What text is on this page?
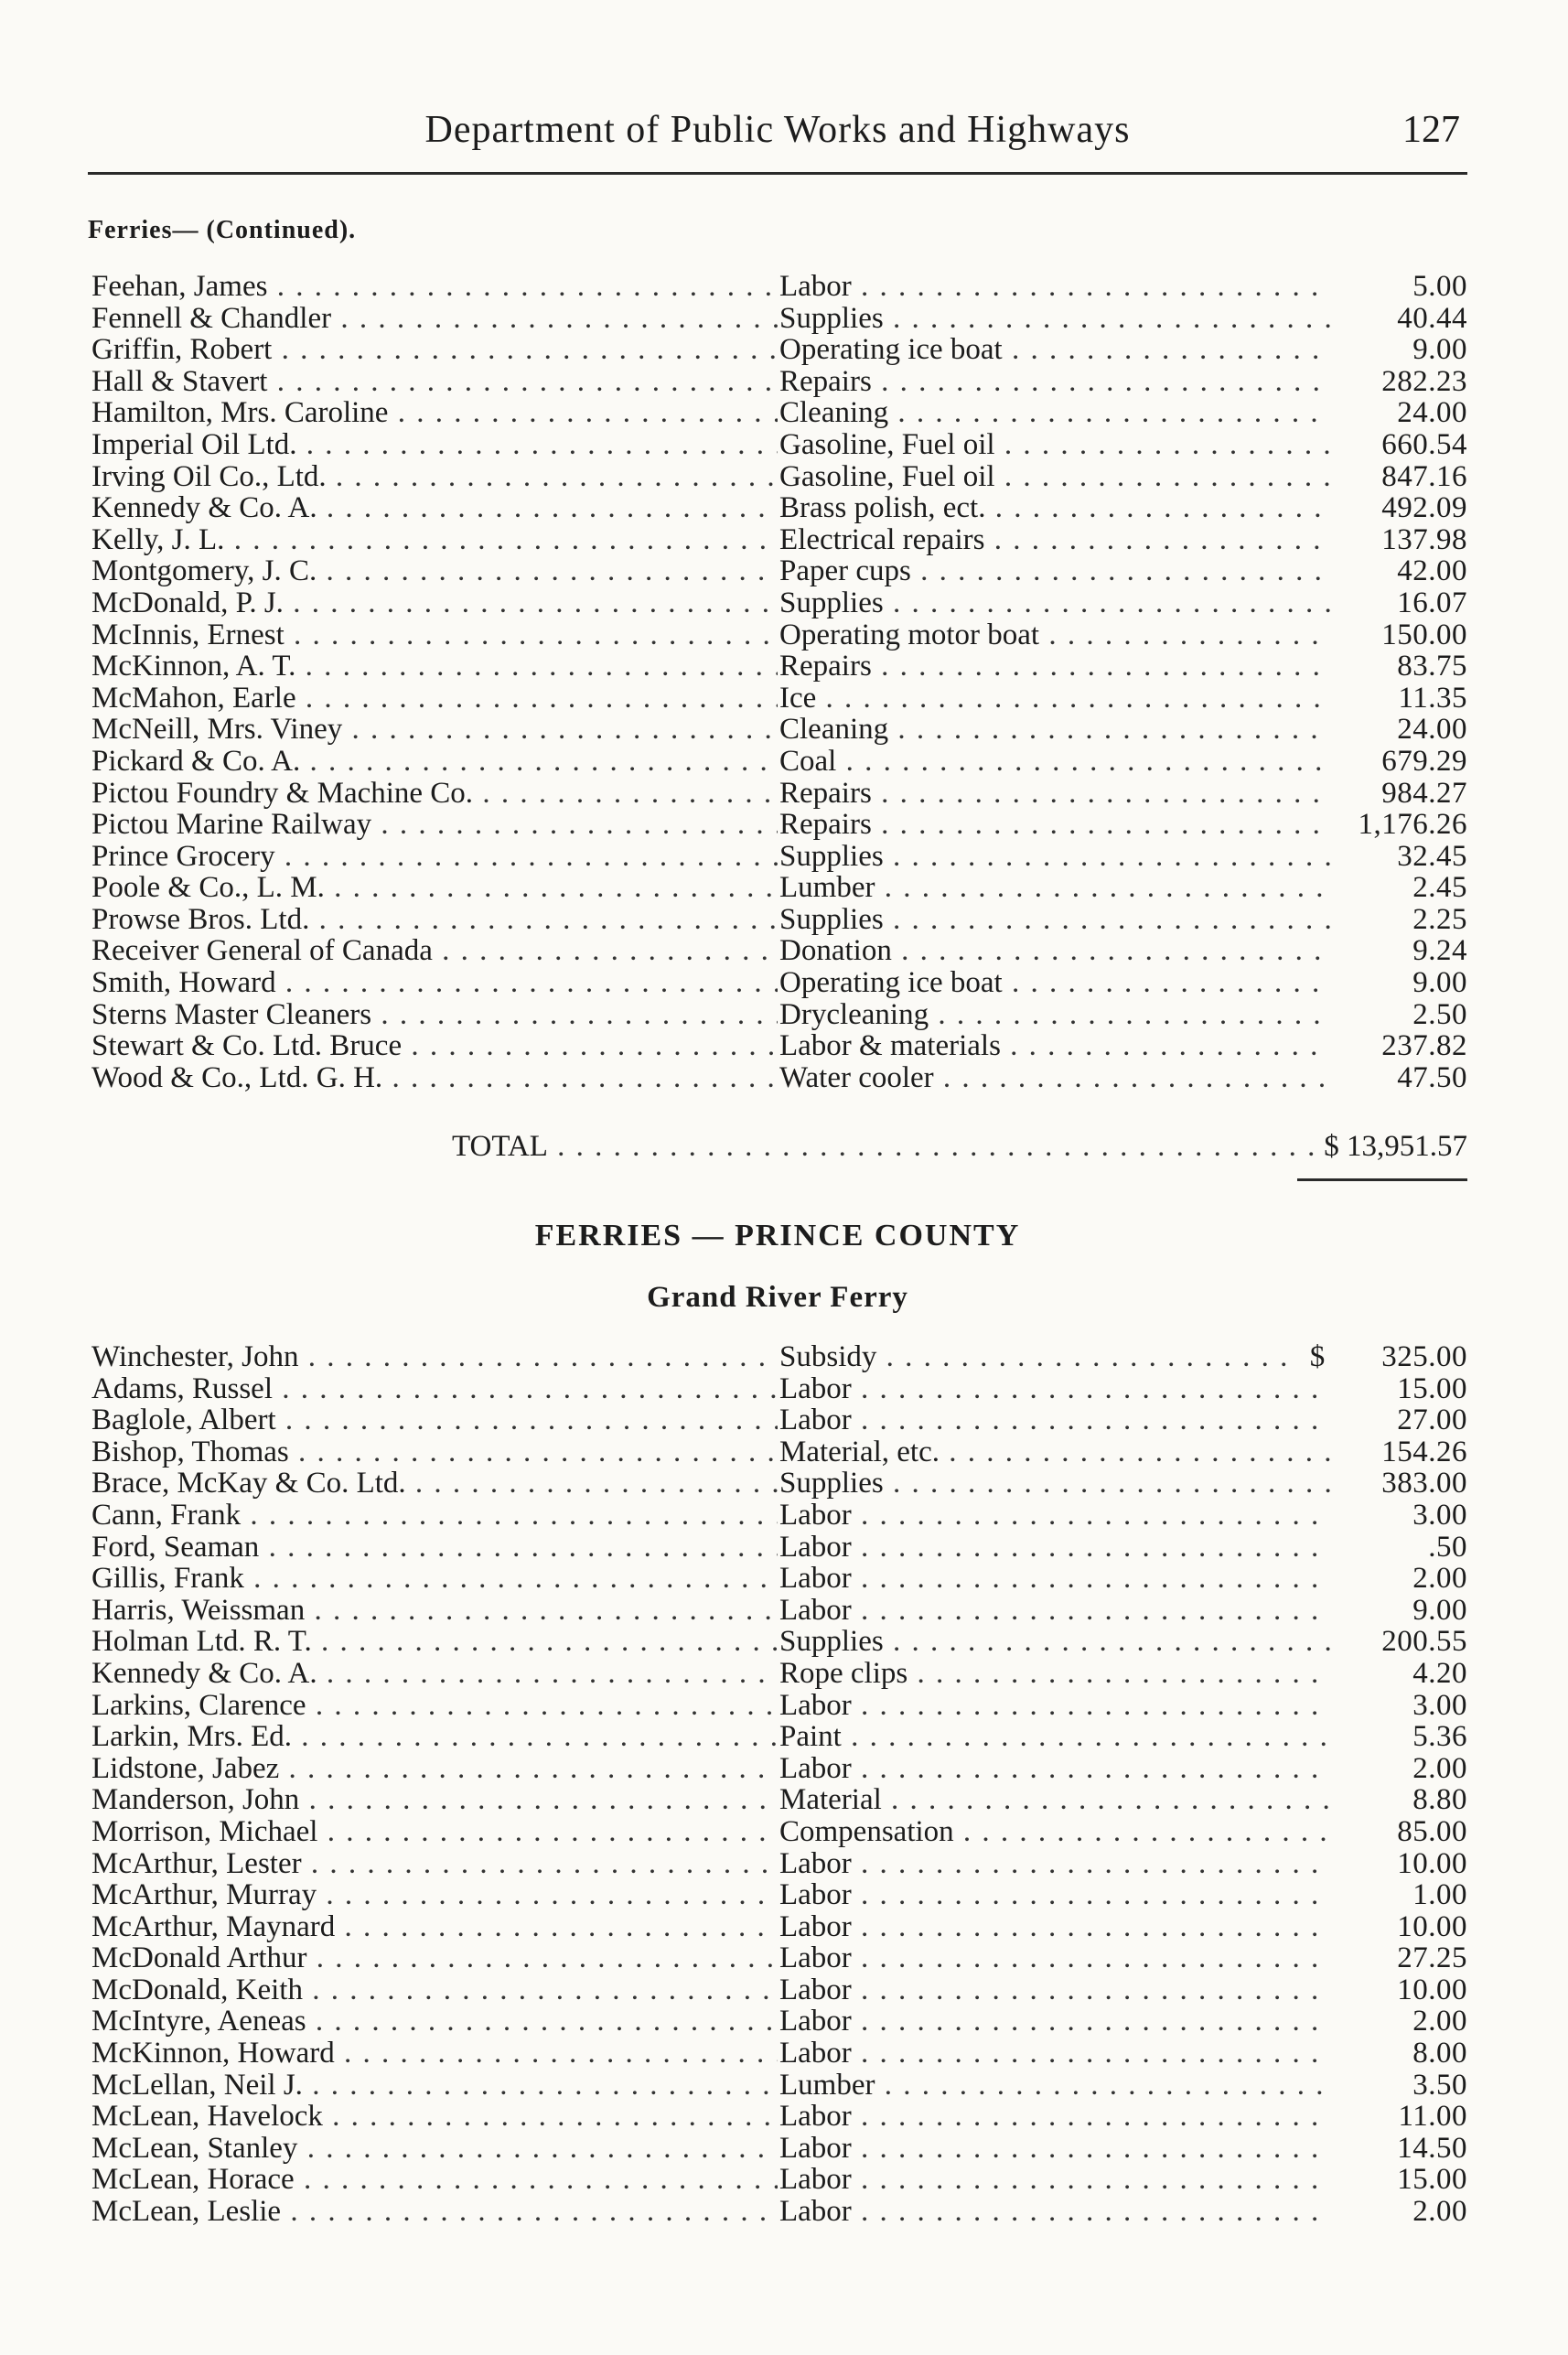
Department of Public Works and Highways	127
Ferries— (Continued).
Feehan, James . . .	Labor . . .	5.00
Fennell & Chandler . . .	Supplies . . .	40.44
Griffin, Robert . . .	Operating ice boat . . .	9.00
Hall & Stavert . . .	Repairs . . .	282.23
Hamilton, Mrs. Caroline . . .	Cleaning . . .	24.00
Imperial Oil Ltd. . . .	Gasoline, Fuel oil . . .	660.54
Irving Oil Co., Ltd. . . .	Gasoline, Fuel oil . . .	847.16
Kennedy & Co. A. . . .	Brass polish, ect. . . .	492.09
Kelly, J. L. . . .	Electrical repairs . . .	137.98
Montgomery, J. C. . . .	Paper cups . . .	42.00
McDonald, P. J. . . .	Supplies . . .	16.07
McInnis, Ernest . . .	Operating motor boat . . .	150.00
McKinnon, A. T. . . .	Repairs . . .	83.75
McMahon, Earle . . .	Ice . . .	11.35
McNeill, Mrs. Viney . . .	Cleaning . . .	24.00
Pickard & Co. A. . . .	Coal . . .	679.29
Pictou Foundry & Machine Co. . . .	Repairs . . .	984.27
Pictou Marine Railway . . .	Repairs . . .	1,176.26
Prince Grocery . . .	Supplies . . .	32.45
Poole & Co., L. M. . . .	Lumber . . .	2.45
Prowse Bros. Ltd. . . .	Supplies . . .	2.25
Receiver General of Canada . . .	Donation . . .	9.24
Smith, Howard . . .	Operating ice boat . . .	9.00
Sterns Master Cleaners . . .	Drycleaning . . .	2.50
Stewart & Co. Ltd. Bruce . . .	Labor & materials . . .	237.82
Wood & Co., Ltd. G. H. . . .	Water cooler . . .	47.50
TOTAL . . .	$ 13,951.57
FERRIES — PRINCE COUNTY
Grand River Ferry
Winchester, John . . .	Subsidy . . .	$	325.00
Adams, Russel . . .	Labor . . .	15.00
Baglole, Albert . . .	Labor . . .	27.00
Bishop, Thomas . . .	Material, etc. . . .	154.26
Brace, McKay & Co. Ltd. . . .	Supplies . . .	383.00
Cann, Frank . . .	Labor . . .	3.00
Ford, Seaman . . .	Labor . . .	.50
Gillis, Frank . . .	Labor . . .	2.00
Harris, Weissman . . .	Labor . . .	9.00
Holman Ltd. R. T. . . .	Supplies . . .	200.55
Kennedy & Co. A. . . .	Rope clips . . .	4.20
Larkins, Clarence . . .	Labor . . .	3.00
Larkin, Mrs. Ed. . . .	Paint . . .	5.36
Lidstone, Jabez . . .	Labor . . .	2.00
Manderson, John . . .	Material . . .	8.80
Morrison, Michael . . .	Compensation . . .	85.00
McArthur, Lester . . .	Labor . . .	10.00
McArthur, Murray . . .	Labor . . .	1.00
McArthur, Maynard . . .	Labor . . .	10.00
McDonald Arthur . . .	Labor . . .	27.25
McDonald, Keith . . .	Labor . . .	10.00
McIntyre, Aeneas . . .	Labor . . .	2.00
McKinnon, Howard . . .	Labor . . .	8.00
McLellan, Neil J. . . .	Lumber . . .	3.50
McLean, Havelock . . .	Labor . . .	11.00
McLean, Stanley . . .	Labor . . .	14.50
McLean, Horace . . .	Labor . . .	15.00
McLean, Leslie . . .	Labor . . .	2.00
